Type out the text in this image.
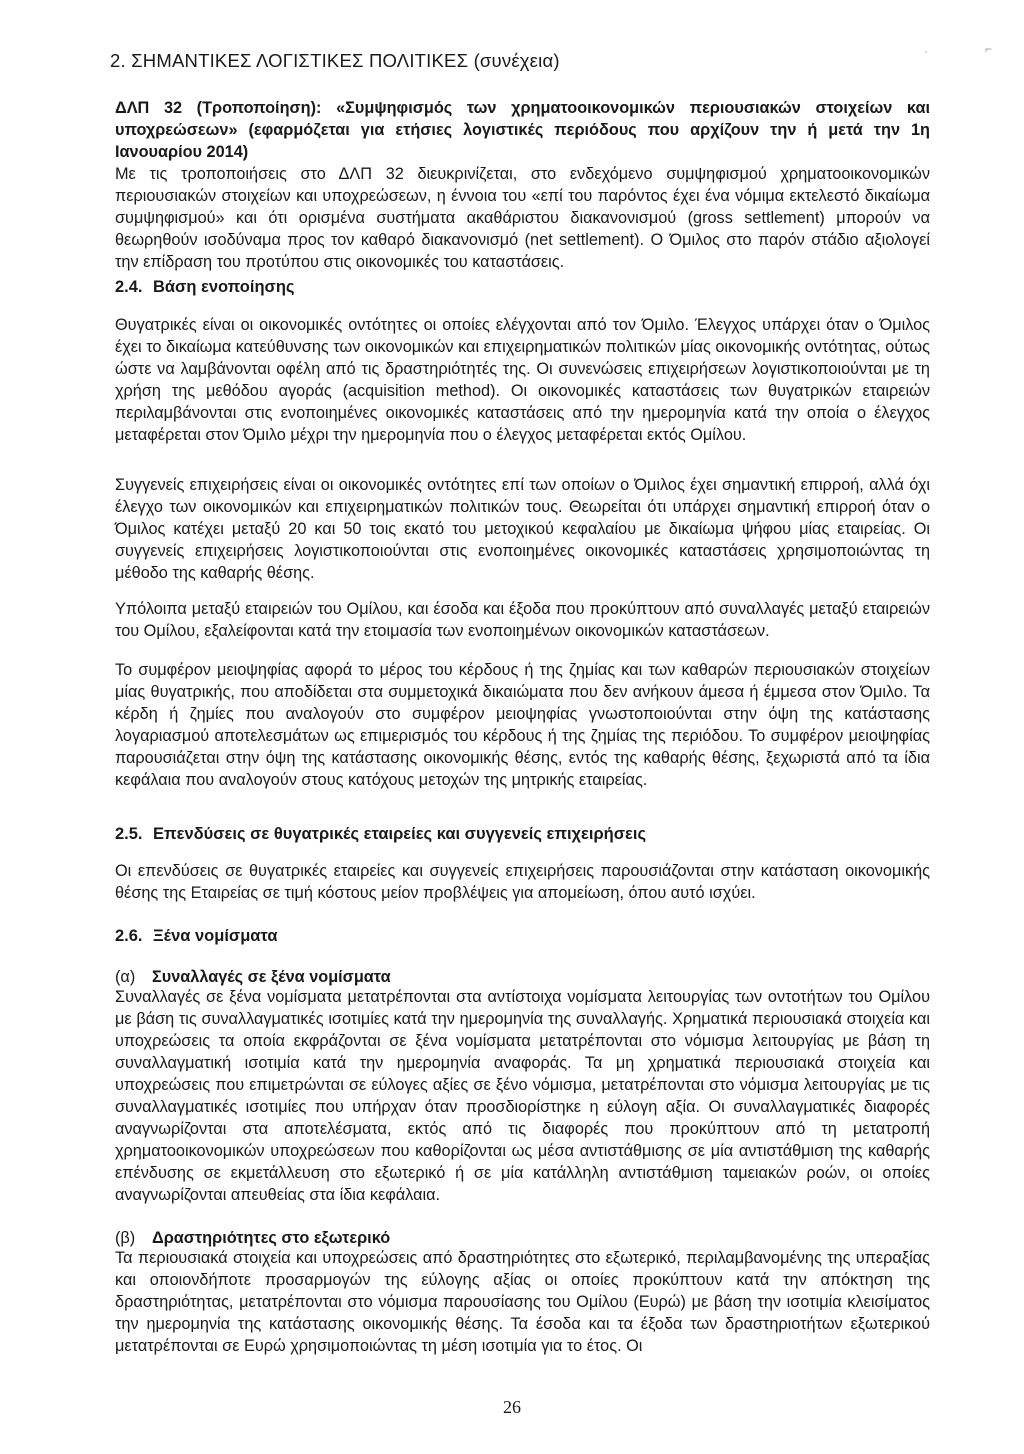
2. ΣΗΜΑΝΤΙΚΕΣ ΛΟΓΙΣΤΙΚΕΣ ΠΟΛΙΤΙΚΕΣ (συνέχεια)	·	⌐

ΔΛΠ 32 (Τροποποίηση): «Συμψηφισμός των χρηματοοικονομικών περιουσιακών στοιχείων και υποχρεώσεων» (εφαρμόζεται για ετήσιες λογιστικές περιόδους που αρχίζουν την ή μετά την 1η Ιανουαρίου 2014)

Με τις τροποποιήσεις στο ΔΛΠ 32 διευκρινίζεται, στο ενδεχόμενο συμψηφισμού χρηματοοικονομικών περιουσιακών στοιχείων και υποχρεώσεων, η έννοια του «επί του παρόντος έχει ένα νόμιμα εκτελεστό δικαίωμα συμψηφισμού» και ότι ορισμένα συστήματα ακαθάριστου διακανονισμού (gross settlement) μπορούν να θεωρηθούν ισοδύναμα προς τον καθαρό διακανονισμό (net settlement). Ο Όμιλος στο παρόν στάδιο αξιολογεί την επίδραση του προτύπου στις οικονομικές του καταστάσεις.

2.4. Βάση ενοποίησης

Θυγατρικές είναι οι οικονομικές οντότητες οι οποίες ελέγχονται από τον Όμιλο. Έλεγχος υπάρχει όταν ο Όμιλος έχει το δικαίωμα κατεύθυνσης των οικονομικών και επιχειρηματικών πολιτικών μίας οικονομικής οντότητας, ούτως ώστε να λαμβάνονται οφέλη από τις δραστηριότητές της. Οι συνενώσεις επιχειρήσεων λογιστικοποιούνται με τη χρήση της μεθόδου αγοράς (acquisition method). Οι οικονομικές καταστάσεις των θυγατρικών εταιρειών περιλαμβάνονται στις ενοποιημένες οικονομικές καταστάσεις από την ημερομηνία κατά την οποία ο έλεγχος μεταφέρεται στον Όμιλο μέχρι την ημερομηνία που ο έλεγχος μεταφέρεται εκτός Ομίλου.

Συγγενείς επιχειρήσεις είναι οι οικονομικές οντότητες επί των οποίων ο Όμιλος έχει σημαντική επιρροή, αλλά όχι έλεγχο των οικονομικών και επιχειρηματικών πολιτικών τους. Θεωρείται ότι υπάρχει σημαντική επιρροή όταν ο Όμιλος κατέχει μεταξύ 20 και 50 τοις εκατό του μετοχικού κεφαλαίου με δικαίωμα ψήφου μίας εταιρείας. Οι συγγενείς επιχειρήσεις λογιστικοποιούνται στις ενοποιημένες οικονομικές καταστάσεις χρησιμοποιώντας τη μέθοδο της καθαρής θέσης.

Υπόλοιπα μεταξύ εταιρειών του Ομίλου, και έσοδα και έξοδα που προκύπτουν από συναλλαγές μεταξύ εταιρειών του Ομίλου, εξαλείφονται κατά την ετοιμασία των ενοποιημένων οικονομικών καταστάσεων.

Το συμφέρον μειοψηφίας αφορά το μέρος του κέρδους ή της ζημίας και των καθαρών περιουσιακών στοιχείων μίας θυγατρικής, που αποδίδεται στα συμμετοχικά δικαιώματα που δεν ανήκουν άμεσα ή έμμεσα στον Όμιλο. Τα κέρδη ή ζημίες που αναλογούν στο συμφέρον μειοψηφίας γνωστοποιούνται στην όψη της κατάστασης λογαριασμού αποτελεσμάτων ως επιμερισμός του κέρδους ή της ζημίας της περιόδου. Το συμφέρον μειοψηφίας παρουσιάζεται στην όψη της κατάστασης οικονομικής θέσης, εντός της καθαρής θέσης, ξεχωριστά από τα ίδια κεφάλαια που αναλογούν στους κατόχους μετοχών της μητρικής εταιρείας.

2.5. Επενδύσεις σε θυγατρικές εταιρείες και συγγενείς επιχειρήσεις

Οι επενδύσεις σε θυγατρικές εταιρείες και συγγενείς επιχειρήσεις παρουσιάζονται στην κατάσταση οικονομικής θέσης της Εταιρείας σε τιμή κόστους μείον προβλέψεις για απομείωση, όπου αυτό ισχύει.

2.6. Ξένα νομίσματα
(α) Συναλλαγές σε ξένα νομίσματα

Συναλλαγές σε ξένα νομίσματα μετατρέπονται στα αντίστοιχα νομίσματα λειτουργίας των οντοτήτων του Ομίλου με βάση τις συναλλαγματικές ισοτιμίες κατά την ημερομηνία της συναλλαγής. Χρηματικά περιουσιακά στοιχεία και υποχρεώσεις τα οποία εκφράζονται σε ξένα νομίσματα μετατρέπονται στο νόμισμα λειτουργίας με βάση τη συναλλαγματική ισοτιμία κατά την ημερομηνία αναφοράς. Τα μη χρηματικά περιουσιακά στοιχεία και υποχρεώσεις που επιμετρώνται σε εύλογες αξίες σε ξένο νόμισμα, μετατρέπονται στο νόμισμα λειτουργίας με τις συναλλαγματικές ισοτιμίες που υπήρχαν όταν προσδιορίστηκε η εύλογη αξία. Οι συναλλαγματικές διαφορές αναγνωρίζονται στα αποτελέσματα, εκτός από τις διαφορές που προκύπτουν από τη μετατροπή χρηματοοικονομικών υποχρεώσεων που καθορίζονται ως μέσα αντιστάθμισης σε μία αντιστάθμιση της καθαρής επένδυσης σε εκμετάλλευση στο εξωτερικό ή σε μία κατάλληλη αντιστάθμιση ταμειακών ροών, οι οποίες αναγνωρίζονται απευθείας στα ίδια κεφάλαια.

(β) Δραστηριότητες στο εξωτερικό

Τα περιουσιακά στοιχεία και υποχρεώσεις από δραστηριότητες στο εξωτερικό, περιλαμβανομένης της υπεραξίας και οποιονδήποτε προσαρμογών της εύλογης αξίας οι οποίες προκύπτουν κατά την απόκτηση της δραστηριότητας, μετατρέπονται στο νόμισμα παρουσίασης του Ομίλου (Ευρώ) με βάση την ισοτιμία κλεισίματος την ημερομηνία της κατάστασης οικονομικής θέσης. Τα έσοδα και τα έξοδα των δραστηριοτήτων εξωτερικού μετατρέπονται σε Ευρώ χρησιμοποιώντας τη μέση ισοτιμία για το έτος. Οι

26
